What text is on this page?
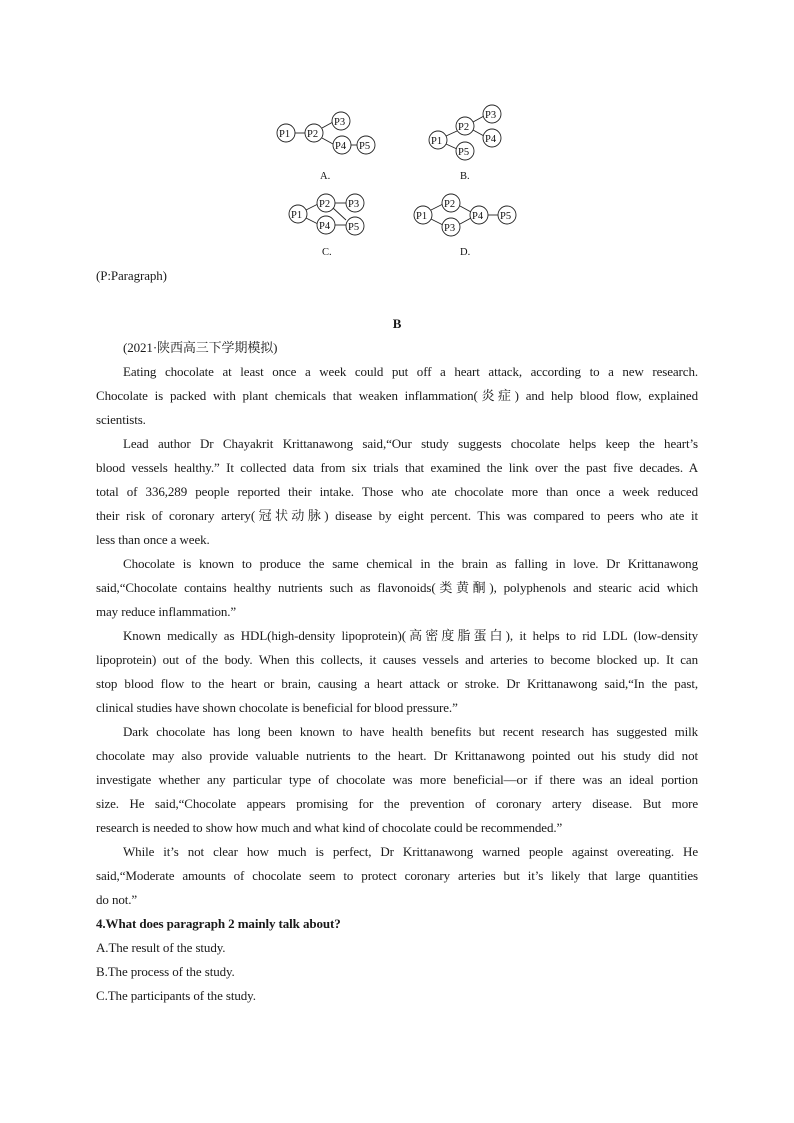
P1 P2
P3
P4 P5
A.
P1
P2
P3
P4
P5
B.
P1
P2 P3
P4 P5
C.
P1
P2
P3
P4 P5
D.
(P:Paragraph)
B
(2021·陕西高三下学期模拟)
Eating chocolate at least once a week could put off a heart attack, according to a new research.
Chocolate is packed with plant chemicals that weaken inflammation(炎症) and help blood flow, explained
scientists.
Lead author Dr Chayakrit Krittanawong said,“Our study suggests chocolate helps keep the heart’s
blood vessels healthy.” It collected data from six trials that examined the link over the past five decades. A
total of 336,289 people reported their intake. Those who ate chocolate more than once a week reduced
their risk of coronary artery(冠状动脉) disease by eight percent. This was compared to peers who ate it
less than once a week.
Chocolate is known to produce the same chemical in the brain as falling in love. Dr Krittanawong
said,“Chocolate contains healthy nutrients such as flavonoids(类黄酮), polyphenols and stearic acid which
may reduce inflammation.”
Known medically as HDL(high-density lipoprotein)(高密度脂蛋白), it helps to rid LDL (low-density
lipoprotein) out of the body. When this collects, it causes vessels and arteries to become blocked up. It can
stop blood flow to the heart or brain, causing a heart attack or stroke. Dr Krittanawong said,“In the past,
clinical studies have shown chocolate is beneficial for blood pressure.”
Dark chocolate has long been known to have health benefits but recent research has suggested milk
chocolate may also provide valuable nutrients to the heart. Dr Krittanawong pointed out his study did not
investigate whether any particular type of chocolate was more beneficial—or if there was an ideal portion
size. He said,“Chocolate appears promising for the prevention of coronary artery disease. But more
research is needed to show how much and what kind of chocolate could be recommended.”
While it’s not clear how much is perfect, Dr Krittanawong warned people against overeating. He
said,“Moderate amounts of chocolate seem to protect coronary arteries but it’s likely that large quantities
do not.”
4.What does paragraph 2 mainly talk about?
A.The result of the study.
B.The process of the study.
C.The participants of the study.
